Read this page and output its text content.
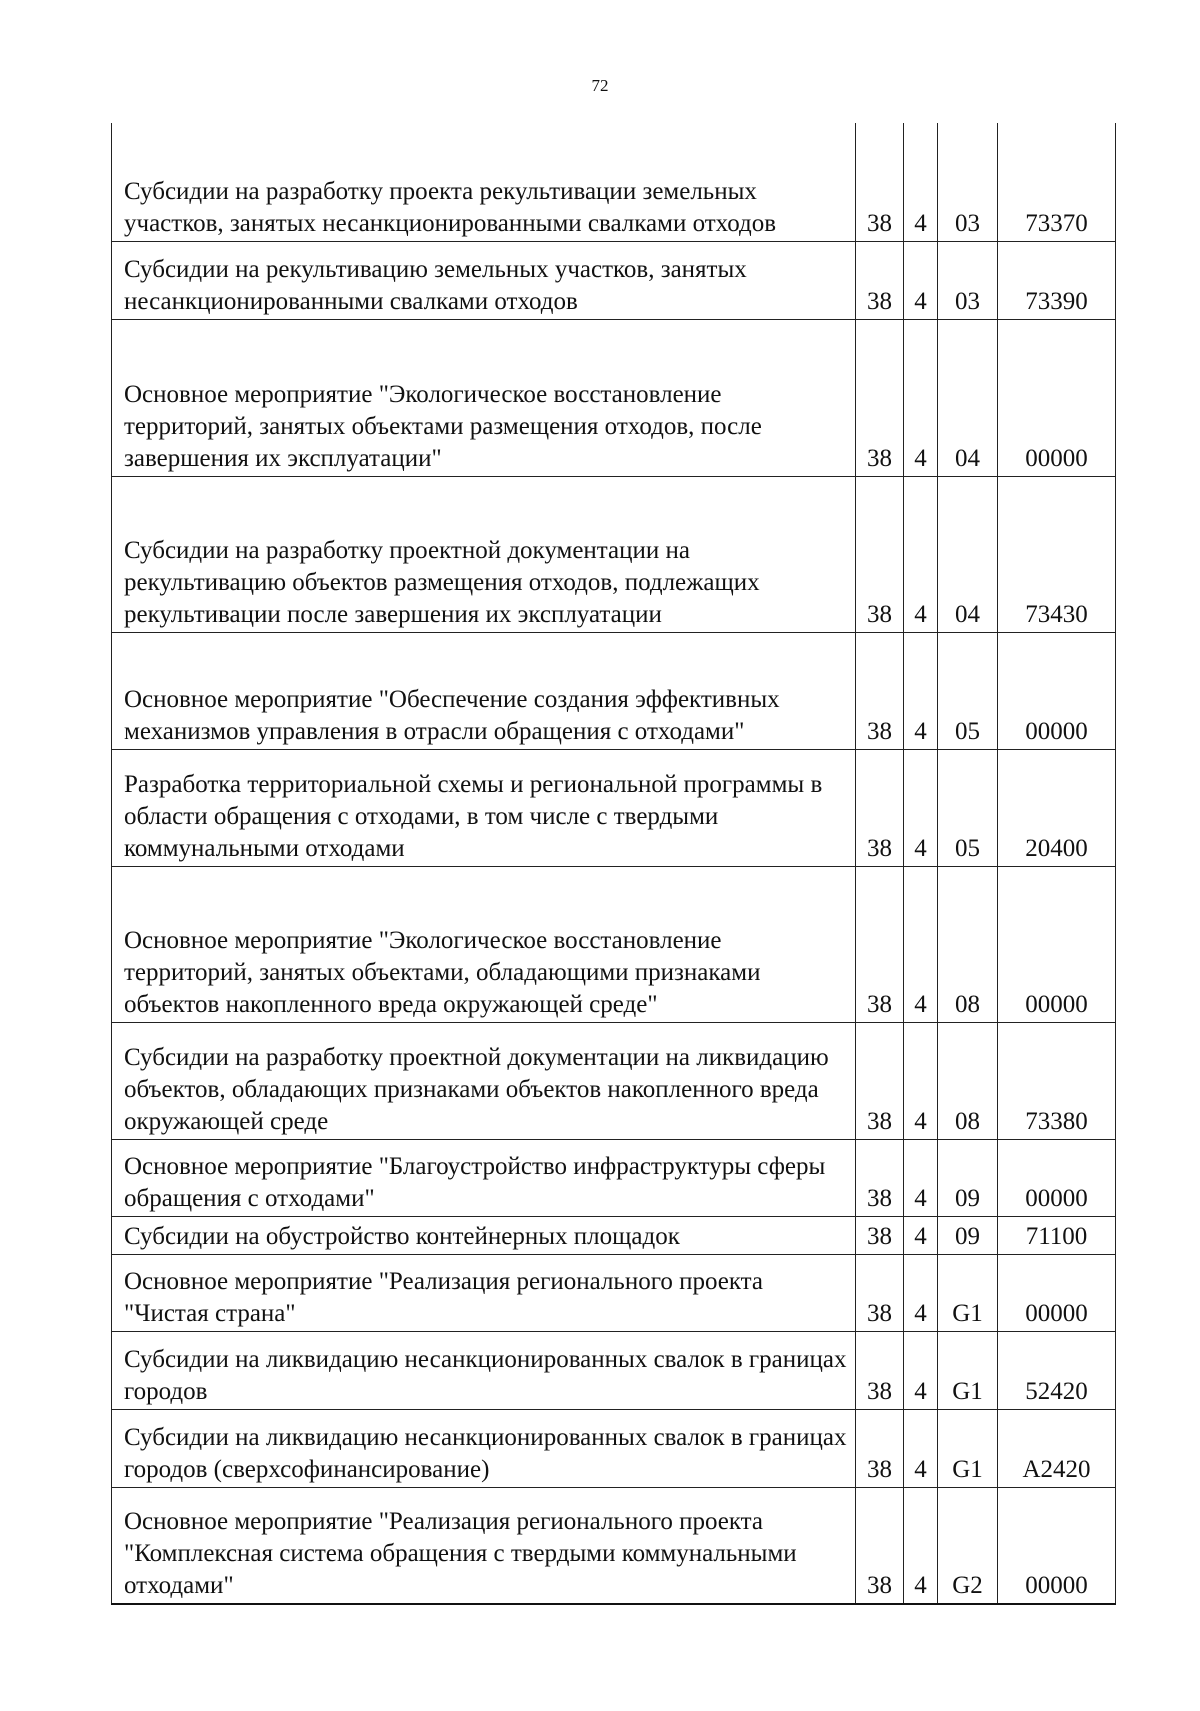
72
Субсидии на разработку проекта рекультивации земельных участков, занятых несанкционированными свалками отходов	38	4	03	73370
Субсидии на рекультивацию земельных участков, занятых несанкционированными свалками отходов	38	4	03	73390
Основное мероприятие "Экологическое восстановление территорий, занятых объектами размещения отходов, после завершения их эксплуатации"	38	4	04	00000
Субсидии на разработку проектной документации на рекультивацию объектов размещения отходов, подлежащих рекультивации после завершения их эксплуатации	38	4	04	73430
Основное мероприятие "Обеспечение создания эффективных механизмов управления в отрасли обращения с отходами"	38	4	05	00000
Разработка территориальной схемы и региональной программы в области обращения с отходами, в том числе с твердыми коммунальными отходами	38	4	05	20400
Основное мероприятие "Экологическое восстановление территорий, занятых объектами, обладающими признаками объектов накопленного вреда окружающей среде"	38	4	08	00000
Субсидии на разработку проектной документации на ликвидацию объектов, обладающих признаками объектов накопленного вреда окружающей среде	38	4	08	73380
Основное мероприятие "Благоустройство инфраструктуры сферы обращения с отходами"	38	4	09	00000
Субсидии на обустройство контейнерных площадок	38	4	09	71100
Основное мероприятие "Реализация регионального проекта "Чистая страна"	38	4	G1	00000
Субсидии на ликвидацию несанкционированных свалок в границах городов	38	4	G1	52420
Субсидии на ликвидацию несанкционированных свалок в границах городов (сверхсофинансирование)	38	4	G1	A2420
Основное мероприятие "Реализация регионального проекта "Комплексная система обращения с твердыми коммунальными отходами"	38	4	G2	00000
